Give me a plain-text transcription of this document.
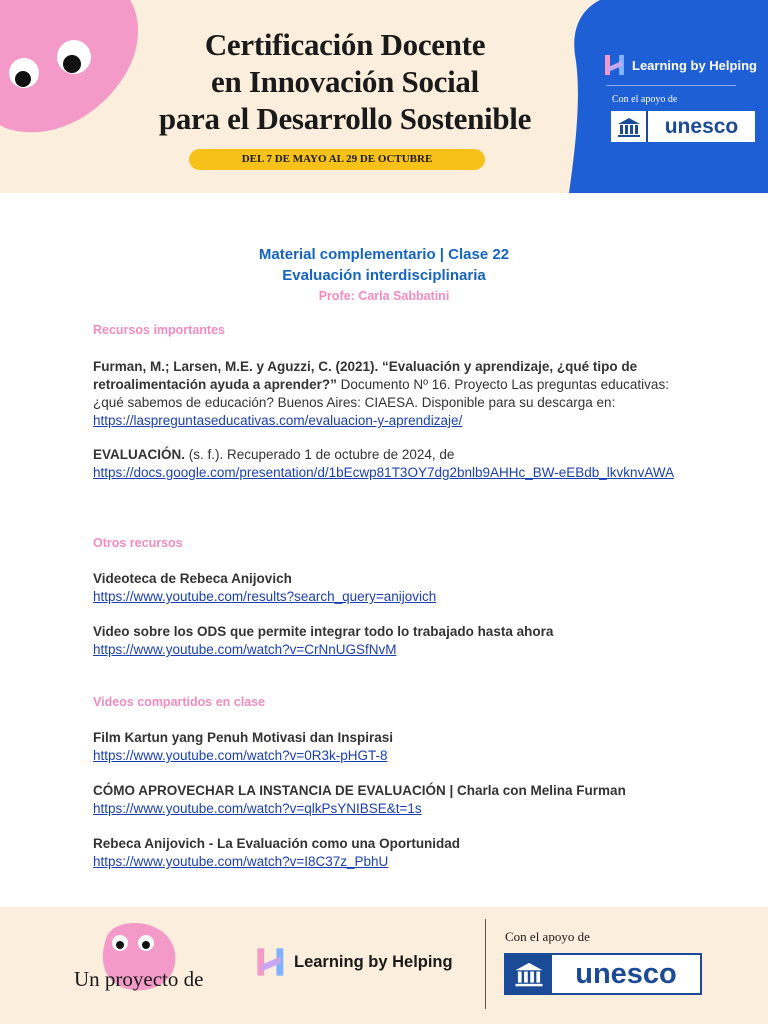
Certificación Docente
en Innovación Social
para el Desarrollo Sostenible
DEL 7 DE MAYO AL 29 DE OCTUBRE
Learning by Helping
Con el apoyo de
unesco
Material complementario | Clase 22
Evaluación interdisciplinaria
Profe: Carla Sabbatini
Recursos importantes
Furman, M.; Larsen, M.E. y Aguzzi, C. (2021). “Evaluación y aprendizaje, ¿qué tipo de retroalimentación ayuda a aprender?” Documento Nº 16. Proyecto Las preguntas educativas: ¿qué sabemos de educación? Buenos Aires: CIAESA. Disponible para su descarga en: https://laspreguntaseducativas.com/evaluacion-y-aprendizaje/
EVALUACIÓN. (s. f.). Recuperado 1 de octubre de 2024, de
https://docs.google.com/presentation/d/1bEcwp81T3OY7dg2bnlb9AHHc_BW-eEBdb_lkvknvAWA
Otros recursos
Videoteca de Rebeca Anijovich
https://www.youtube.com/results?search_query=anijovich
Video sobre los ODS que permite integrar todo lo trabajado hasta ahora
https://www.youtube.com/watch?v=CrNnUGSfNvM
Videos compartidos en clase
Film Kartun yang Penuh Motivasi dan Inspirasi
https://www.youtube.com/watch?v=0R3k-pHGT-8
CÓMO APROVECHAR LA INSTANCIA DE EVALUACIÓN | Charla con Melina Furman
https://www.youtube.com/watch?v=qlkPsYNIBSE&t=1s
Rebeca Anijovich - La Evaluación como una Oportunidad
https://www.youtube.com/watch?v=I8C37z_PbhU
Un proyecto de
Learning by Helping
Con el apoyo de
unesco
